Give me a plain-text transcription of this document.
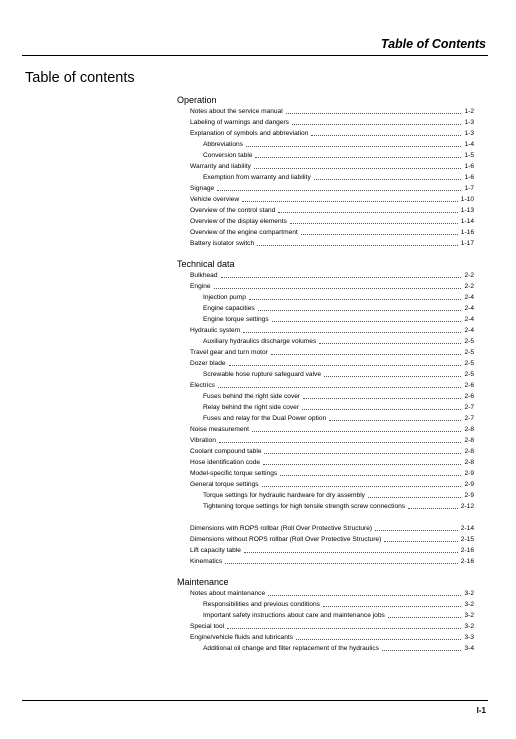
Table of Contents
Table of contents
Operation
Notes about the service manual	1-2
Labeling of warnings and dangers	1-3
Explanation of symbols and abbreviation	1-3
Abbreviations	1-4
Conversion table	1-5
Warranty and liability	1-6
Exemption from warranty and liability	1-6
Signage	1-7
Vehicle overview	1-10
Overview of the control stand	1-13
Overview of the display elements	1-14
Overview of the engine compartment	1-16
Battery isolator switch	1-17
Technical data
Bulkhead	2-2
Engine	2-2
Injection pump	2-4
Engine capacities	2-4
Engine torque settings	2-4
Hydraulic system	2-4
Auxiliary hydraulics discharge volumes	2-5
Travel gear and turn motor	2-5
Dozer blade	2-5
Screwable hose rupture safeguard valve	2-5
Electrics	2-6
Fuses behind the right side cover	2-6
Relay behind the right side cover	2-7
Fuses and relay for the Dual Power option	2-7
Noise measurement	2-8
Vibration	2-8
Coolant compound table	2-8
Hose identification code	2-8
Model-specific torque settings	2-9
General torque settings	2-9
Torque settings for hydraulic hardware for dry assembly	2-9
Tightening torque settings for high tensile strength screw connections	2-12
Dimensions with ROPS rollbar (Roll Over Protective Structure)	2-14
Dimensions without ROPS rollbar (Roll Over Protective Structure)	2-15
Lift capacity table	2-16
Kinematics	2-16
Maintenance
Notes about maintenance	3-2
Responsibilities and previous conditions	3-2
Important safety instructions about care and maintenance jobs	3-2
Special tool	3-2
Engine/vehicle fluids and lubricants	3-3
Additional oil change and filter replacement of the hydraulics	3-4
I-1
